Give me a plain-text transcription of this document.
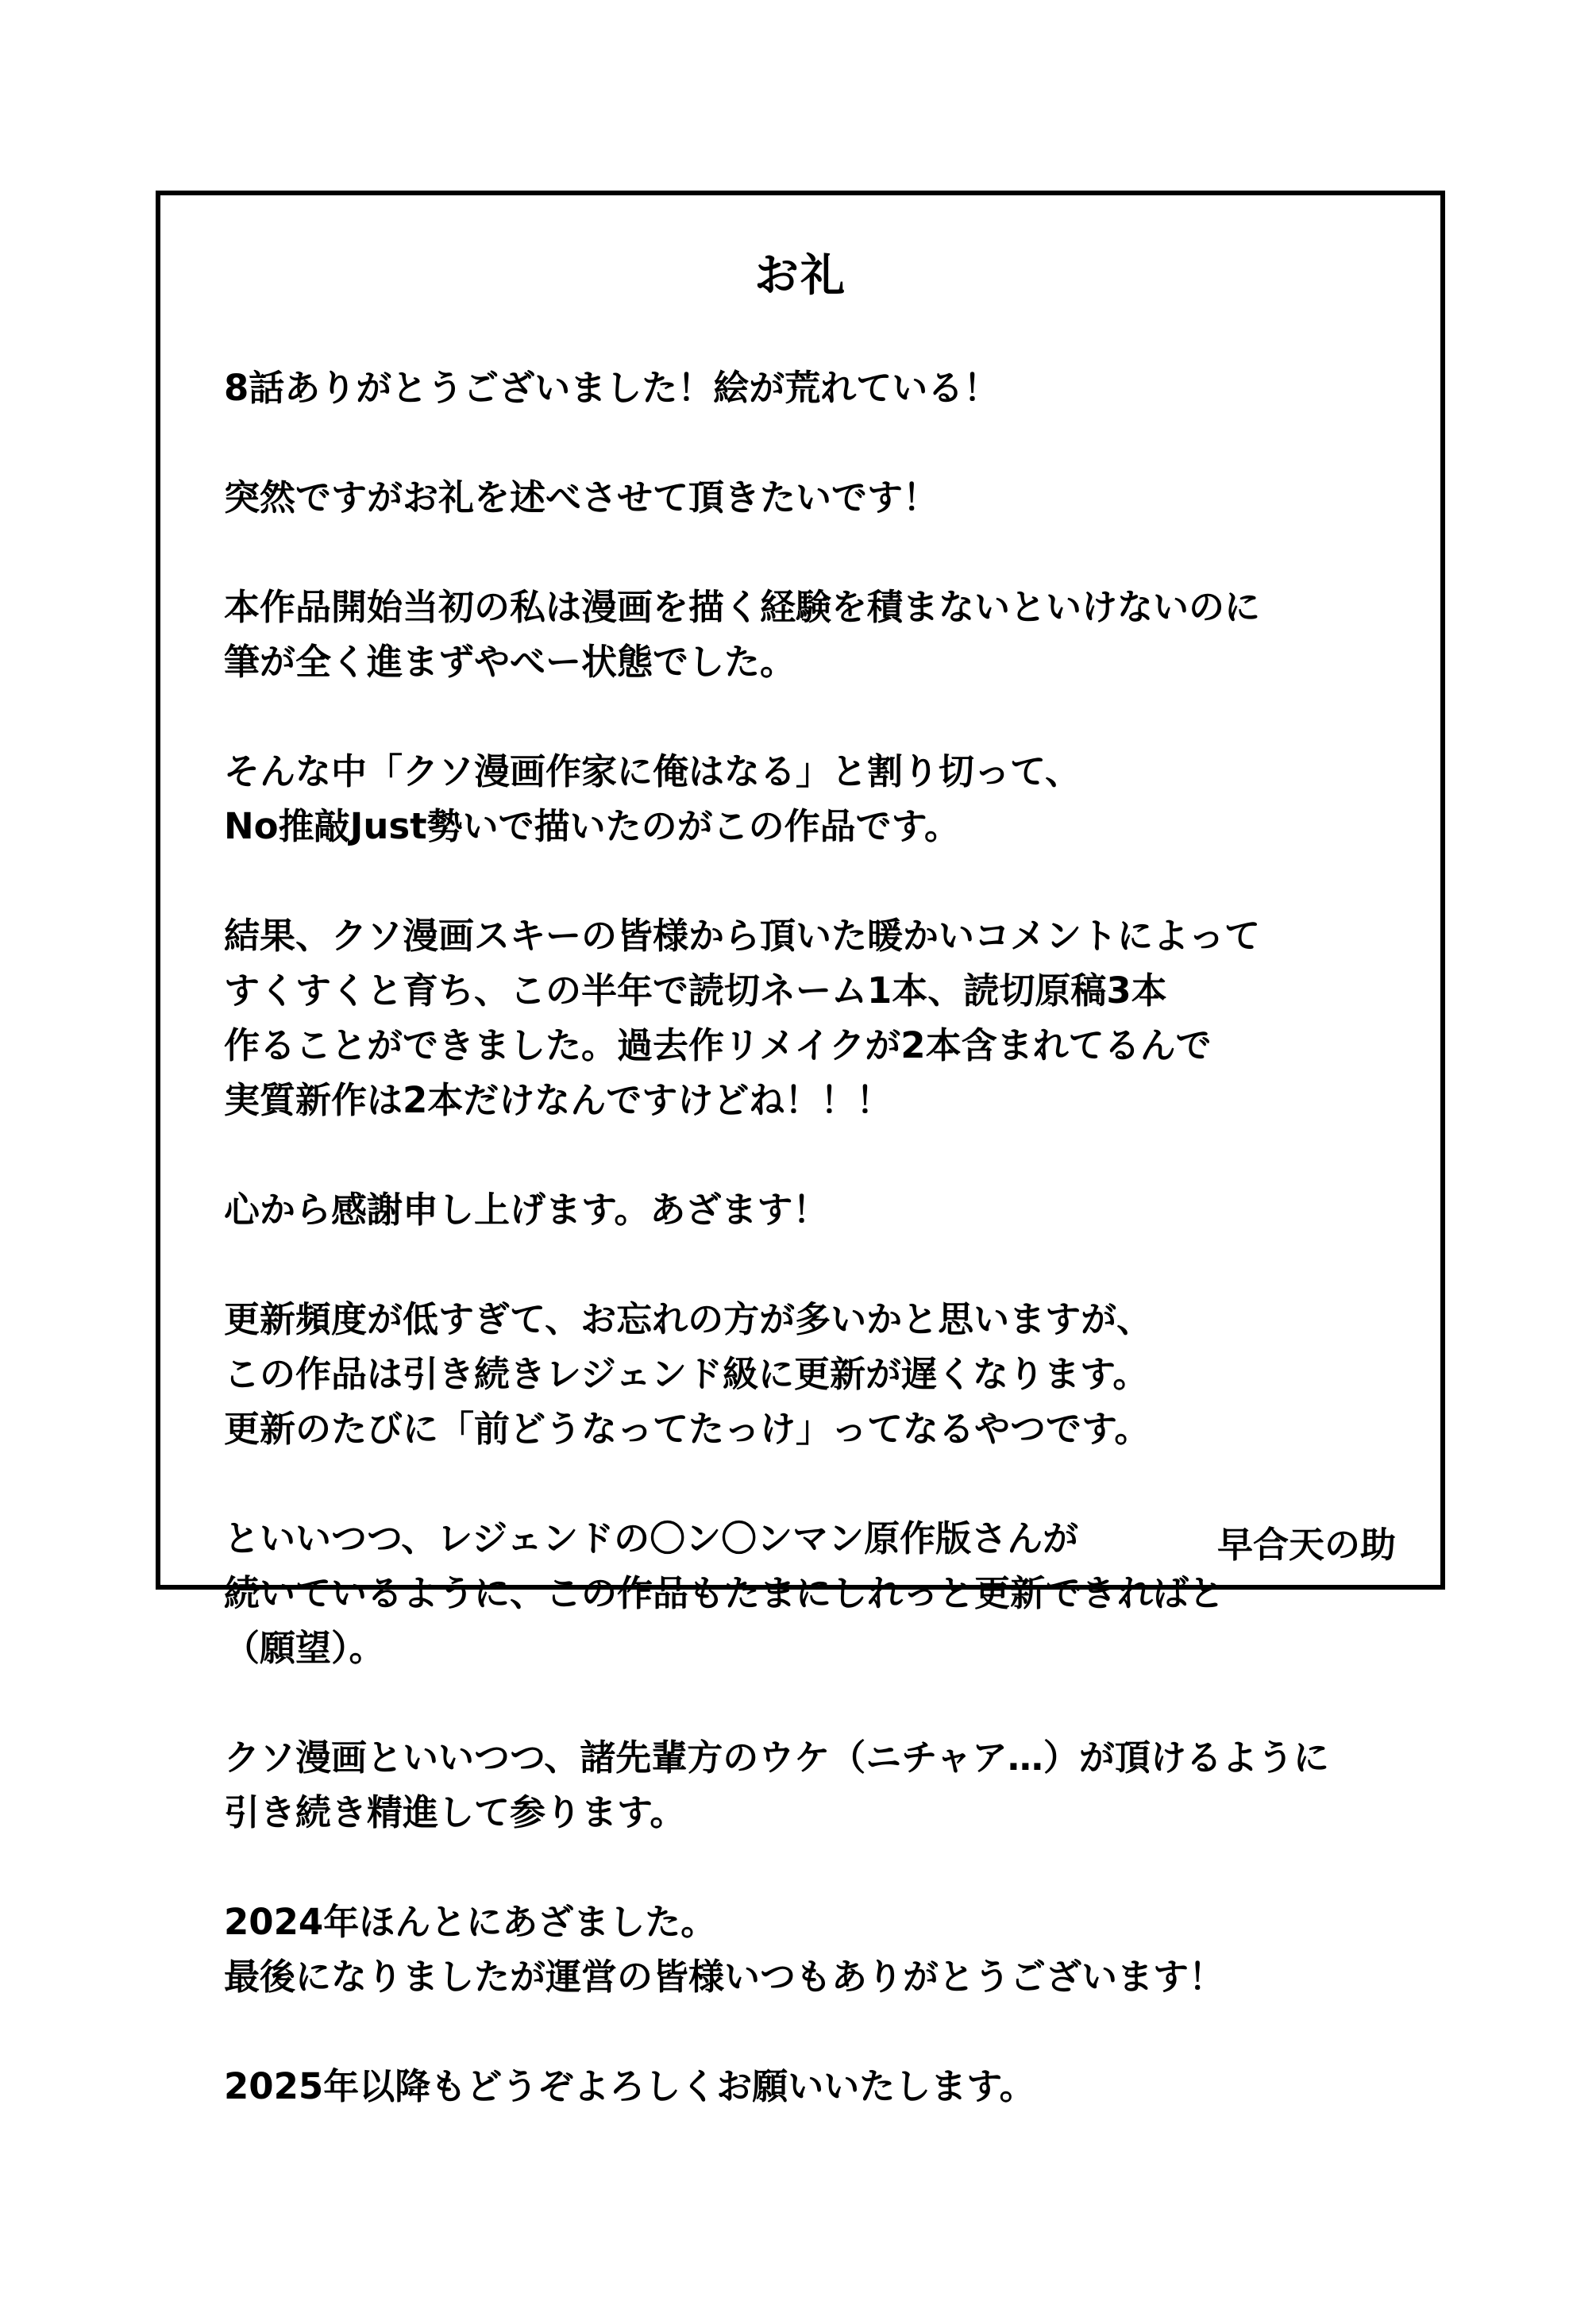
お礼
8話ありがとうございました！絵が荒れている！
突然ですがお礼を述べさせて頂きたいです！
本作品開始当初の私は漫画を描く経験を積まないといけないのに
筆が全く進まずやべー状態でした。
そんな中「クソ漫画作家に俺はなる」と割り切って、
No推敲Just勢いで描いたのがこの作品です。
結果、クソ漫画スキーの皆様から頂いた暖かいコメントによって
すくすくと育ち、この半年で読切ネーム1本、読切原稿3本
作ることができました。過去作リメイクが2本含まれてるんで
実質新作は2本だけなんですけどね！！！
心から感謝申し上げます。あざます！
更新頻度が低すぎて、お忘れの方が多いかと思いますが、
この作品は引き続きレジェンド級に更新が遅くなります。
更新のたびに「前どうなってたっけ」ってなるやつです。
といいつつ、レジェンドの〇ン〇ンマン原作版さんが
続いているように、この作品もたまにしれっと更新できればと
（願望）。
クソ漫画といいつつ、諸先輩方のウケ（ニチャア…）が頂けるように
引き続き精進して参ります。
2024年ほんとにあざました。
最後になりましたが運営の皆様いつもありがとうございます！
2025年以降もどうぞよろしくお願いいたします。
早合天の助
